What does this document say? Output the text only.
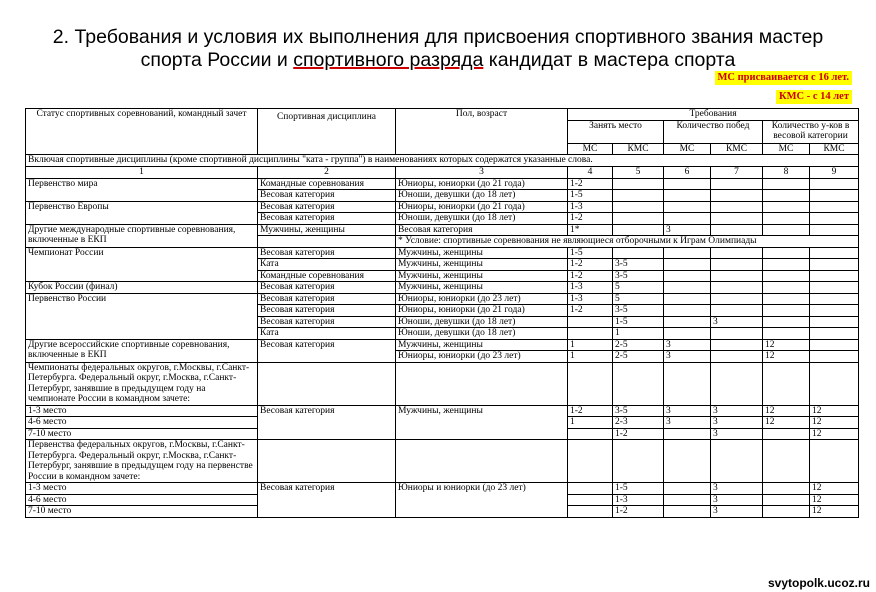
2. Требования и условия их выполнения для присвоения спортивного звания мастер
спорта России и спортивного разряда кандидат в мастера спорта
МС присваивается с 16 лет.
КМС - с 14 лет
Статус спортивных соревнований, командный зачет	Спортивная дисциплина	Пол, возраст	Требования					
			Занять место		Количество побед		Количество у-ков в весовой категории	
			МС	КМС	МС	КМС	МС	КМС
Включая спортивные дисциплины (кроме спортивной дисциплины "ката - группа") в наименованиях которых содержатся указанные слова.								
1	2	3	4	5	6	7	8	9
Первенство мира	Командные соревнования	Юниоры, юниорки (до 21 года)	1-2					
	Весовая категория	Юноши, девушки (до 18 лет)	1-5					
Первенство Европы	Весовая категория	Юниоры, юниорки (до 21 года)	1-3					
	Весовая категория	Юноши, девушки (до 18 лет)	1-2					
Другие международные спортивные соревнования, включенные в ЕКП	Мужчины, женщины	Весовая категория	1*		3			
		* Условие: спортивные соревнования не являющиеся отборочными к Играм Олимпиады						
Чемпионат России	Весовая категория	Мужчины, женщины	1-5					
	Ката	Мужчины, женщины	1-2	3-5				
	Командные соревнования	Мужчины, женщины	1-2	3-5				
Кубок России (финал)	Весовая категория	Мужчины, женщины	1-3	5				
Первенство России	Весовая категория	Юниоры, юниорки (до 23 лет)	1-3	5				
	Весовая категория	Юниоры, юниорки (до 21 года)	1-2	3-5				
	Весовая категория	Юноши, девушки (до 18 лет)		1-5		3		
	Ката	Юноши, девушки (до 18 лет)		1				
Другие всероссийские спортивные соревнования, включенные в ЕКП	Весовая категория	Мужчины, женщины	1	2-5	3		12	
		Юниоры, юниорки (до 23 лет)	1	2-5	3		12	
Чемпионаты федеральных округов, г.Москвы, г.Санкт-Петербурга. Федеральный округ, г.Москва, г.Санкт-Петербург, занявшие в предыдущем году на чемпионате России в командном зачете:								
1-3 место	Весовая категория	Мужчины, женщины	1-2	3-5	3	3	12	12
4-6 место			1	2-3	3	3	12	12
7-10 место				1-2		3		12
Первенства федеральных округов, г.Москвы, г.Санкт-Петербурга. Федеральный округ, г.Москва, г.Санкт-Петербург, занявшие в предыдущем году на первенстве России в командном зачете:								
1-3 место	Весовая категория	Юниоры и юниорки (до 23 лет)		1-5		3		12
4-6 место				1-3		3		12
7-10 место				1-2		3		12
svytopolk.ucoz.ru
